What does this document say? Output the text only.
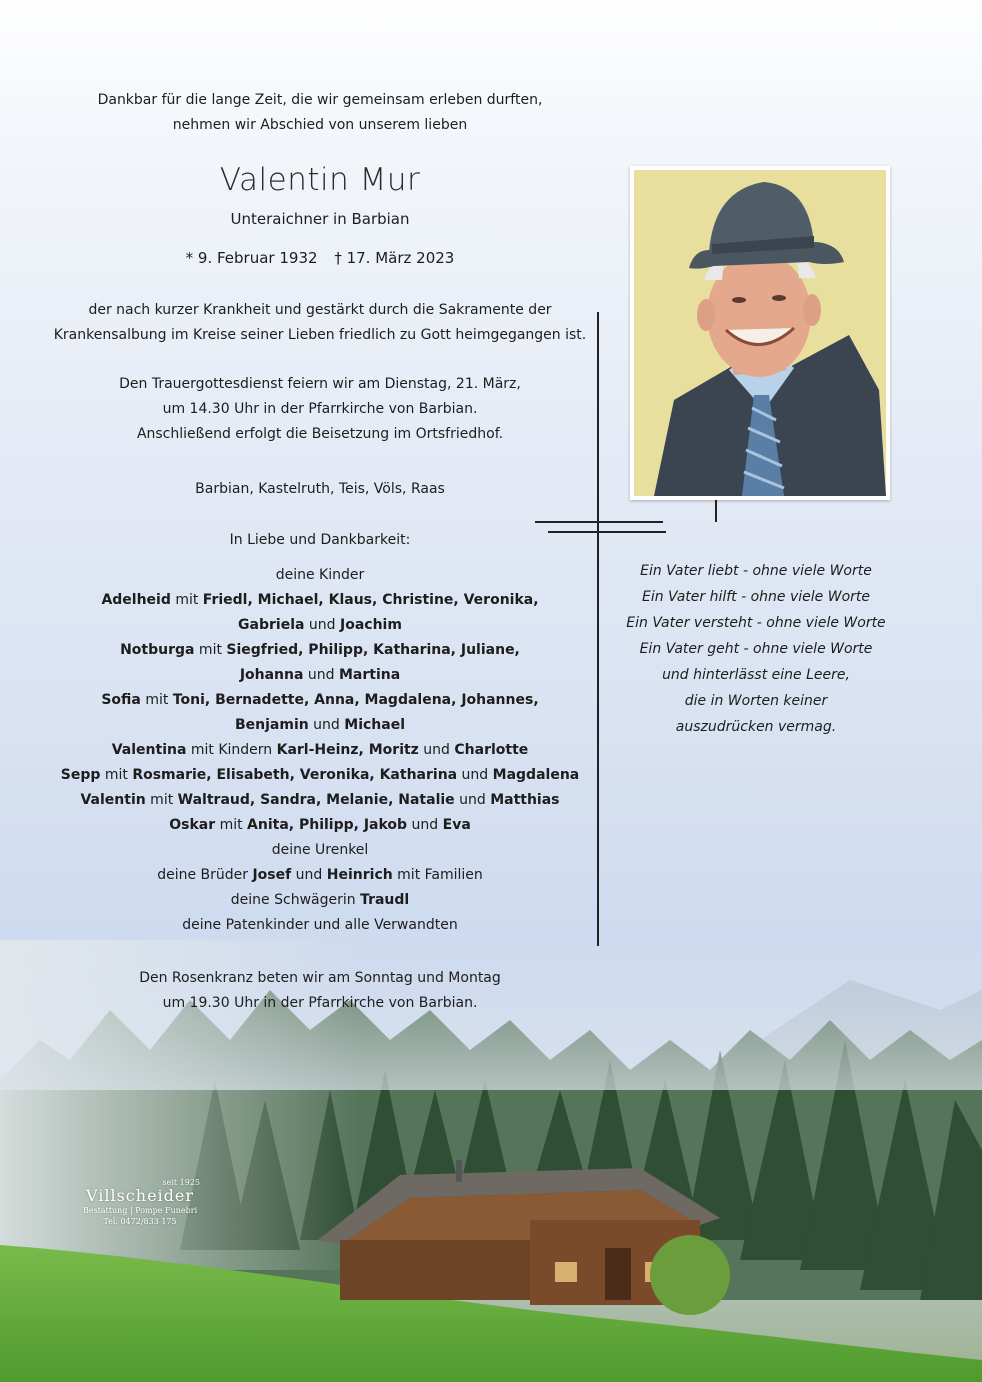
Dankbar für die lange Zeit, die wir gemeinsam erleben durften,

nehmen wir Abschied von unserem lieben

Valentin Mur
Unteraichner in Barbian
* 9. Februar 1932 † 17. März 2023

der nach kurzer Krankheit und gestärkt durch die Sakramente der

Krankensalbung im Kreise seiner Lieben friedlich zu Gott heimgegangen ist.

Den Trauergottesdienst feiern wir am Dienstag, 21. März,

um 14.30 Uhr in der Pfarrkirche von Barbian.

Anschließend erfolgt die Beisetzung im Ortsfriedhof.

Barbian, Kastelruth, Teis, Völs, Raas
In Liebe und Dankbarkeit:

deine Kinder

Adelheid mit Friedl, Michael, Klaus, Christine, Veronika,

Gabriela und Joachim

Notburga mit Siegfried, Philipp, Katharina, Juliane,

Johanna und Martina

Sofia mit Toni, Bernadette, Anna, Magdalena, Johannes,

Benjamin und Michael

Valentina mit Kindern Karl-Heinz, Moritz und Charlotte

Sepp mit Rosmarie, Elisabeth, Veronika, Katharina und Magdalena

Valentin mit Waltraud, Sandra, Melanie, Natalie und Matthias

Oskar mit Anita, Philipp, Jakob und Eva

deine Urenkel

deine Brüder Josef und Heinrich mit Familien

deine Schwägerin Traudl

deine Patenkinder und alle Verwandten

Den Rosenkranz beten wir am Sonntag und Montag

um 19.30 Uhr in der Pfarrkirche von Barbian.

Ein Vater liebt - ohne viele Worte

Ein Vater hilft - ohne viele Worte

Ein Vater versteht - ohne viele Worte

Ein Vater geht - ohne viele Worte

und hinterlässt eine Leere,

die in Worten keiner

auszudrücken vermag.

seit 1925
Villscheider
Bestattung | Pompe Funebri
Tel. 0472/833 175
